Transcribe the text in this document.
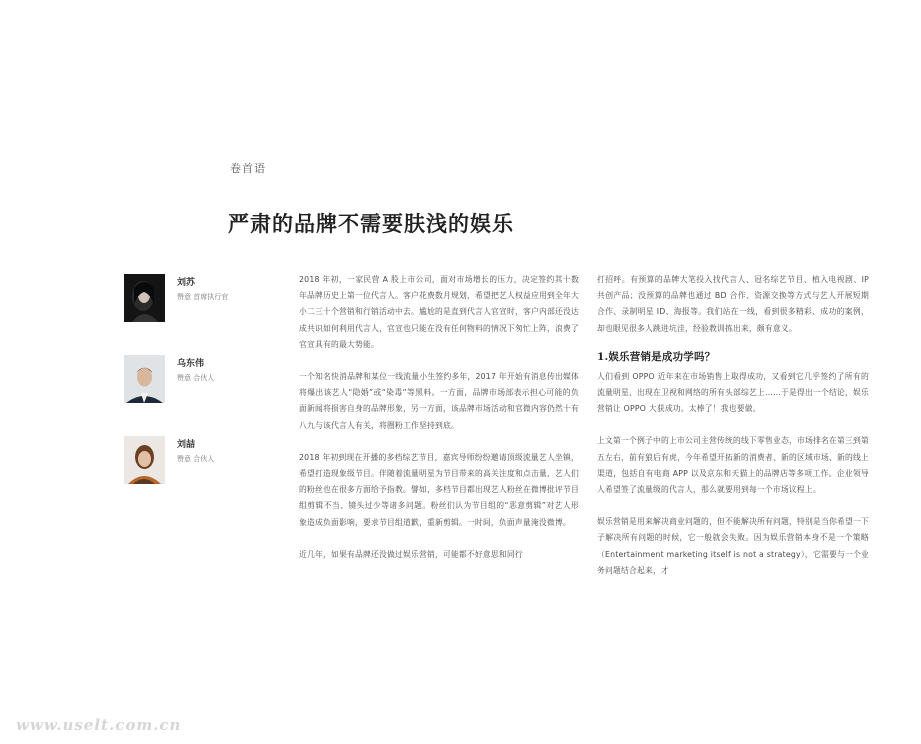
卷首语
严肃的品牌不需要肤浅的娱乐
刘苏
赞意 首席执行官
乌东伟
赞意 合伙人
刘喆
赞意 合伙人

2018 年初，一家民营 A 股上市公司，面对市场增长的压力，决定签约其十数年品牌历史上第一位代言人。客户花费数月规划，希望把艺人权益应用到全年大小二三十个营销和行销活动中去。尴尬的是直到代言人官宣时，客户内部还没达成共识如何利用代言人，官宣也只能在没有任何物料的情况下匆忙上阵，浪费了官宣具有的最大势能。

一个知名快消品牌和某位一线流量小生签约多年，2017 年开始有消息传出媒体将爆出该艺人“隐婚”或“染毒”等黑料。一方面，品牌市场部表示担心可能的负面新闻将损害自身的品牌形象，另一方面，该品牌市场活动和官微内容仍然十有八九与该代言人有关，将圈粉工作坚持到底。

2018 年初到现在开播的多档综艺节目，嘉宾导师纷纷邀请顶级流量艺人坐镇，希望打造现象级节目。伴随着流量明星为节目带来的高关注度和点击量，艺人们的粉丝也在很多方面给予指教。譬如，多档节目都出现艺人粉丝在微博批评节目组剪辑不当、镜头过少等诸多问题。粉丝们认为节目组的“恶意剪辑”对艺人形象造成负面影响，要求节目组道歉，重新剪辑。一时间，负面声量淹没微博。

近几年，如果有品牌还没做过娱乐营销，可能都不好意思和同行

打招呼。有预算的品牌大笔投入找代言人、冠名综艺节目、植入电视剧、IP 共创产品；没预算的品牌也通过 BD 合作、资源交换等方式与艺人开展短期合作、录制明星 ID、海报等。我们站在一线，看到很多精彩、成功的案例，却也眼见很多人跳进坑洼，经验教训拣出来，颇有意义。

1.娱乐营销是成功学吗？

人们看到 OPPO 近年来在市场销售上取得成功，又看到它几乎签约了所有的流量明星、出现在卫视和网络的所有头部综艺上……于是得出一个结论，娱乐营销让 OPPO 大获成功。太棒了！我也要做。

上文第一个例子中的上市公司主营传统的线下零售业态，市场排名在第三到第五左右，前有狼后有虎，今年希望开拓新的消费者、新的区域市场、新的线上渠道，包括自有电商 APP 以及京东和天猫上的品牌店等多项工作。企业领导人希望签了流量级的代言人，那么就要用到每一个市场议程上。

娱乐营销是用来解决商业问题的，但不能解决所有问题，特别是当你希望一下子解决所有问题的时候，它一般就会失败。因为娱乐营销本身不是一个策略（Entertainment marketing itself is not a strategy），它需要与一个业务问题结合起来，才

www.uselt.com.cn
